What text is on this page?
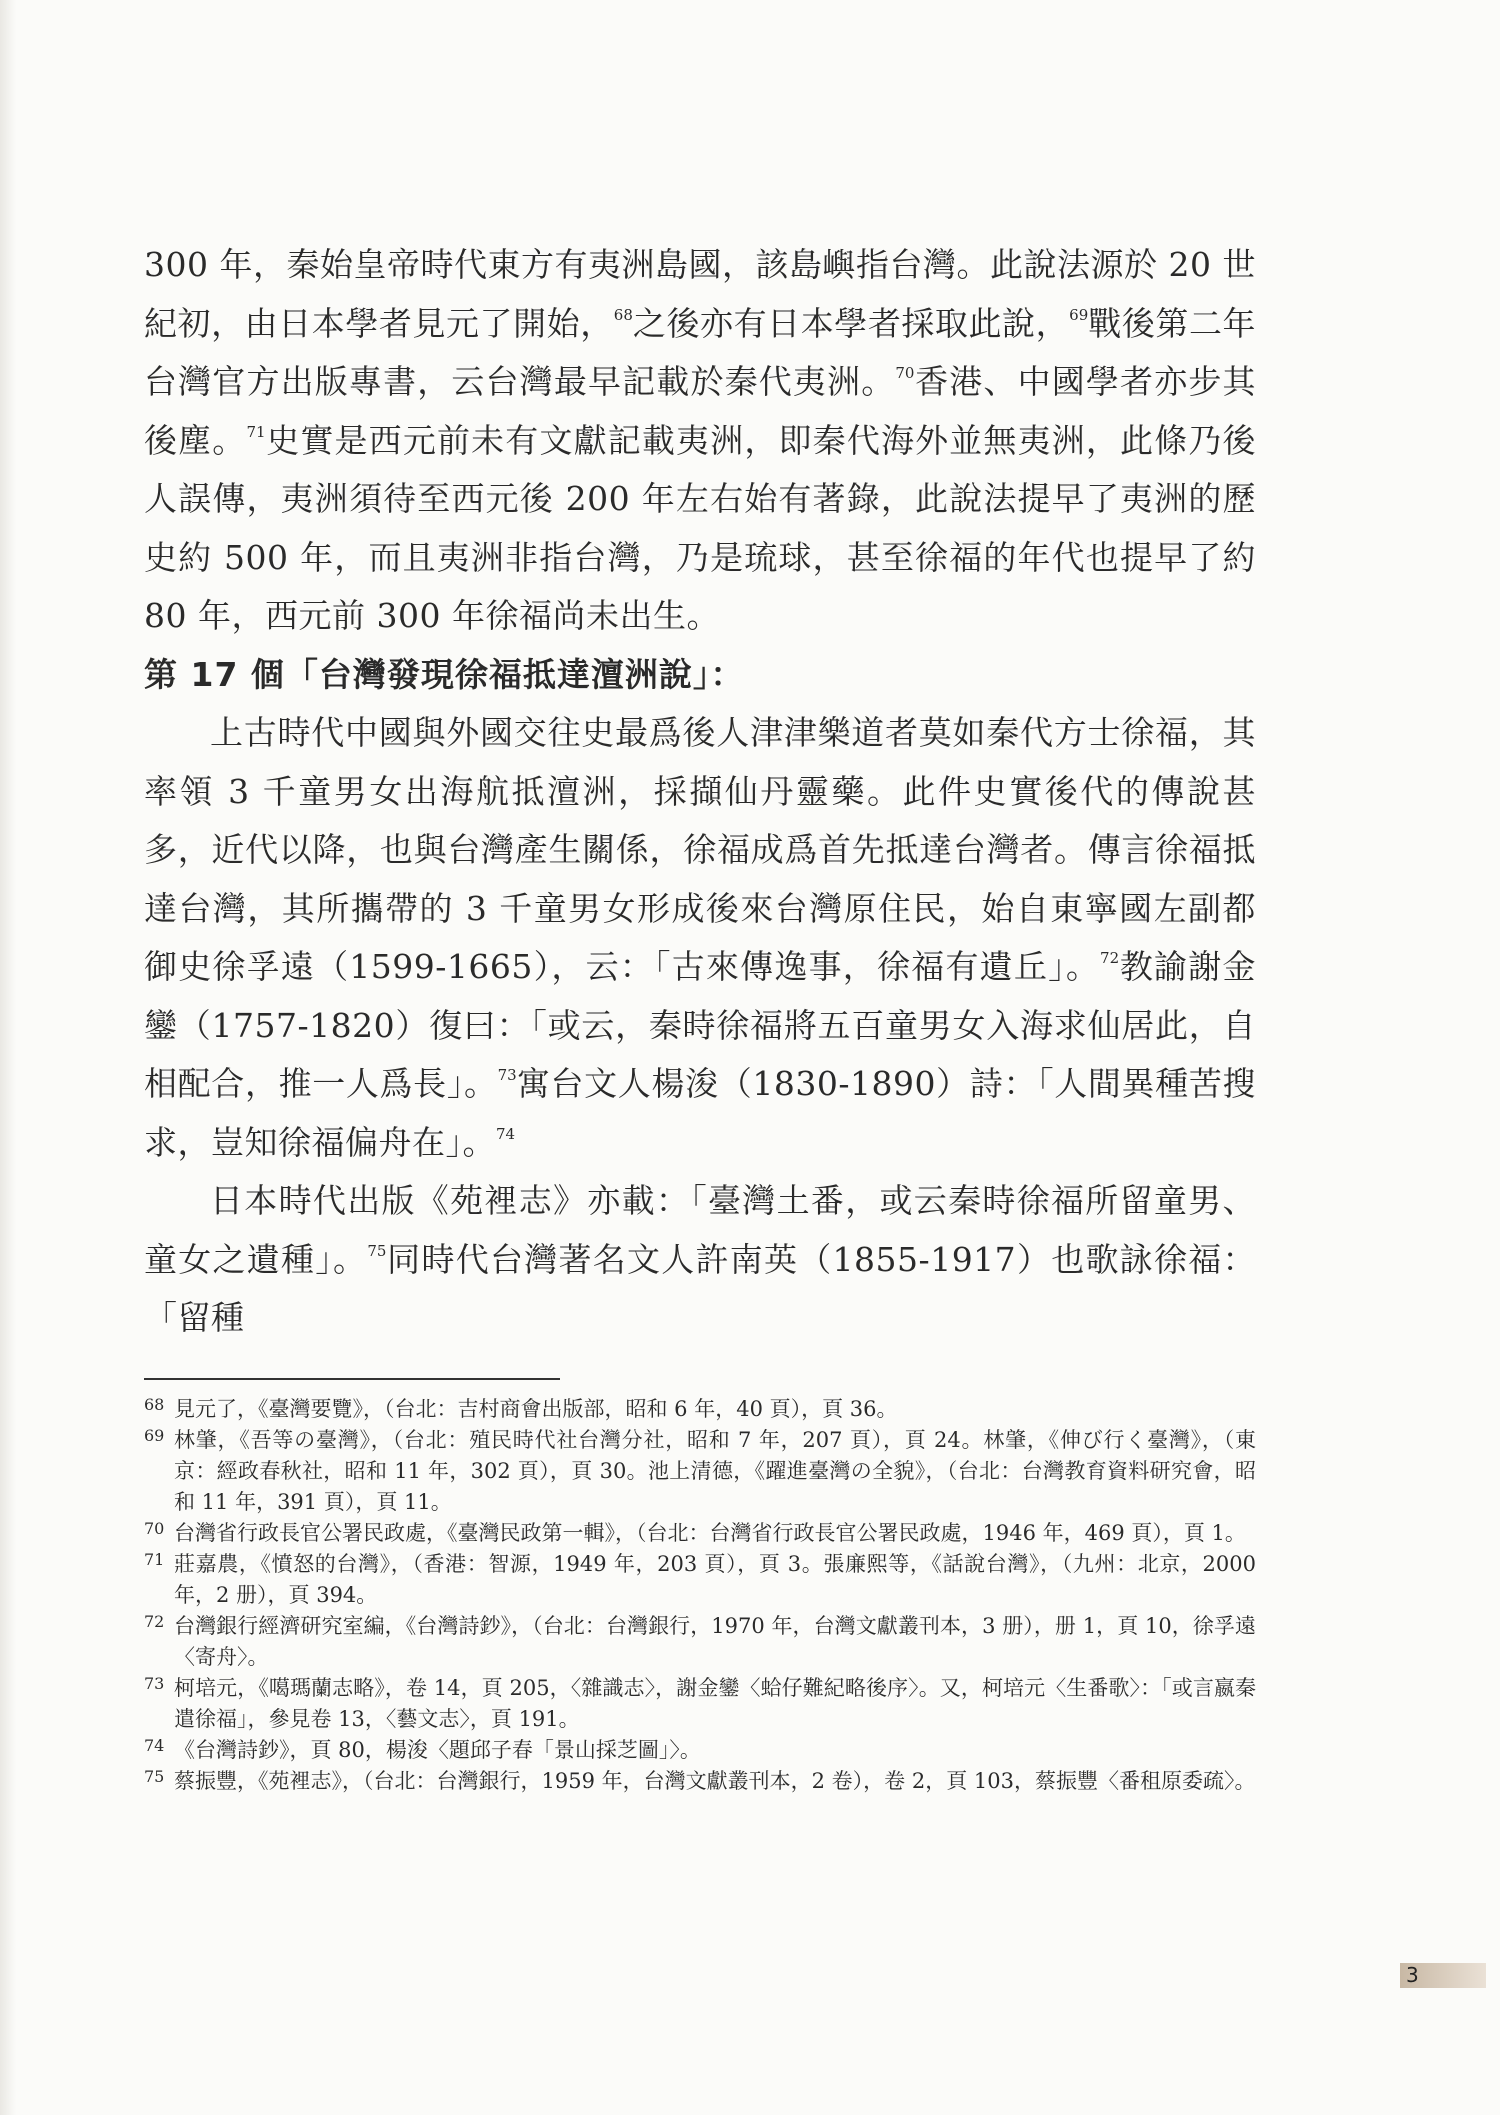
300 年，秦始皇帝時代東方有夷洲島國，該島嶼指台灣。此說法源於 20 世紀初，由日本學者見元了開始，$^{68}$之後亦有日本學者採取此說，$^{69}$戰後第二年台灣官方出版專書，云台灣最早記載於秦代夷洲。$^{70}$香港、中國學者亦步其後塵。$^{71}$史實是西元前未有文獻記載夷洲，即秦代海外並無夷洲，此條乃後人誤傳，夷洲須待至西元後 200 年左右始有著錄，此說法提早了夷洲的歷史約 500 年，而且夷洲非指台灣，乃是琉球，甚至徐福的年代也提早了約 80 年，西元前 300 年徐福尚未出生。

第 17 個「台灣發現徐福抵達澶洲說」：

上古時代中國與外國交往史最爲後人津津樂道者莫如秦代方士徐福，其率領 3 千童男女出海航抵澶洲，採擷仙丹靈藥。此件史實後代的傳說甚多，近代以降，也與台灣產生關係，徐福成爲首先抵達台灣者。傳言徐福抵達台灣，其所攜帶的 3 千童男女形成後來台灣原住民，始自東寧國左副都御史徐孚遠（1599-1665），云：「古來傳逸事，徐福有遺丘」。$^{72}$教諭謝金鑾（1757-1820）復曰：「或云，秦時徐福將五百童男女入海求仙居此，自相配合，推一人爲長」。$^{73}$寓台文人楊浚（1830-1890）詩：「人間異種苦搜求，豈知徐福偏舟在」。$^{74}$

日本時代出版《苑裡志》亦載：「臺灣土番，或云秦時徐福所留童男、童女之遺種」。$^{75}$同時代台灣著名文人許南英（1855-1917）也歌詠徐福：「留種

68 見元了，《臺灣要覽》，（台北：吉村商會出版部，昭和 6 年，40 頁），頁 36。
69 林肇，《吾等の臺灣》，（台北：殖民時代社台灣分社，昭和 7 年，207 頁），頁 24。林肇，《伸び行く臺灣》，（東京：經政春秋社，昭和 11 年，302 頁），頁 30。池上清德，《躍進臺灣の全貌》，（台北：台灣教育資料研究會，昭和 11 年，391 頁），頁 11。
70 台灣省行政長官公署民政處，《臺灣民政第一輯》，（台北：台灣省行政長官公署民政處，1946 年，469 頁），頁 1。
71 莊嘉農，《憤怒的台灣》，（香港：智源，1949 年，203 頁），頁 3。張廉熙等，《話說台灣》，（九州：北京，2000 年，2 册），頁 394。
72 台灣銀行經濟研究室編，《台灣詩鈔》，（台北：台灣銀行，1970 年，台灣文獻叢刊本，3 册），册 1，頁 10，徐孚遠〈寄舟〉。
73 柯培元，《噶瑪蘭志略》，卷 14，頁 205，〈雜識志〉，謝金鑾〈蛤仔難紀略後序〉。又，柯培元〈生番歌〉：「或言嬴秦遣徐福」，參見卷 13，〈藝文志〉，頁 191。
74 《台灣詩鈔》，頁 80，楊浚〈題邱子春「景山採芝圖」〉。
75 蔡振豐，《苑裡志》，（台北：台灣銀行，1959 年，台灣文獻叢刊本，2 卷），卷 2，頁 103，蔡振豐〈番租原委疏〉。
3
